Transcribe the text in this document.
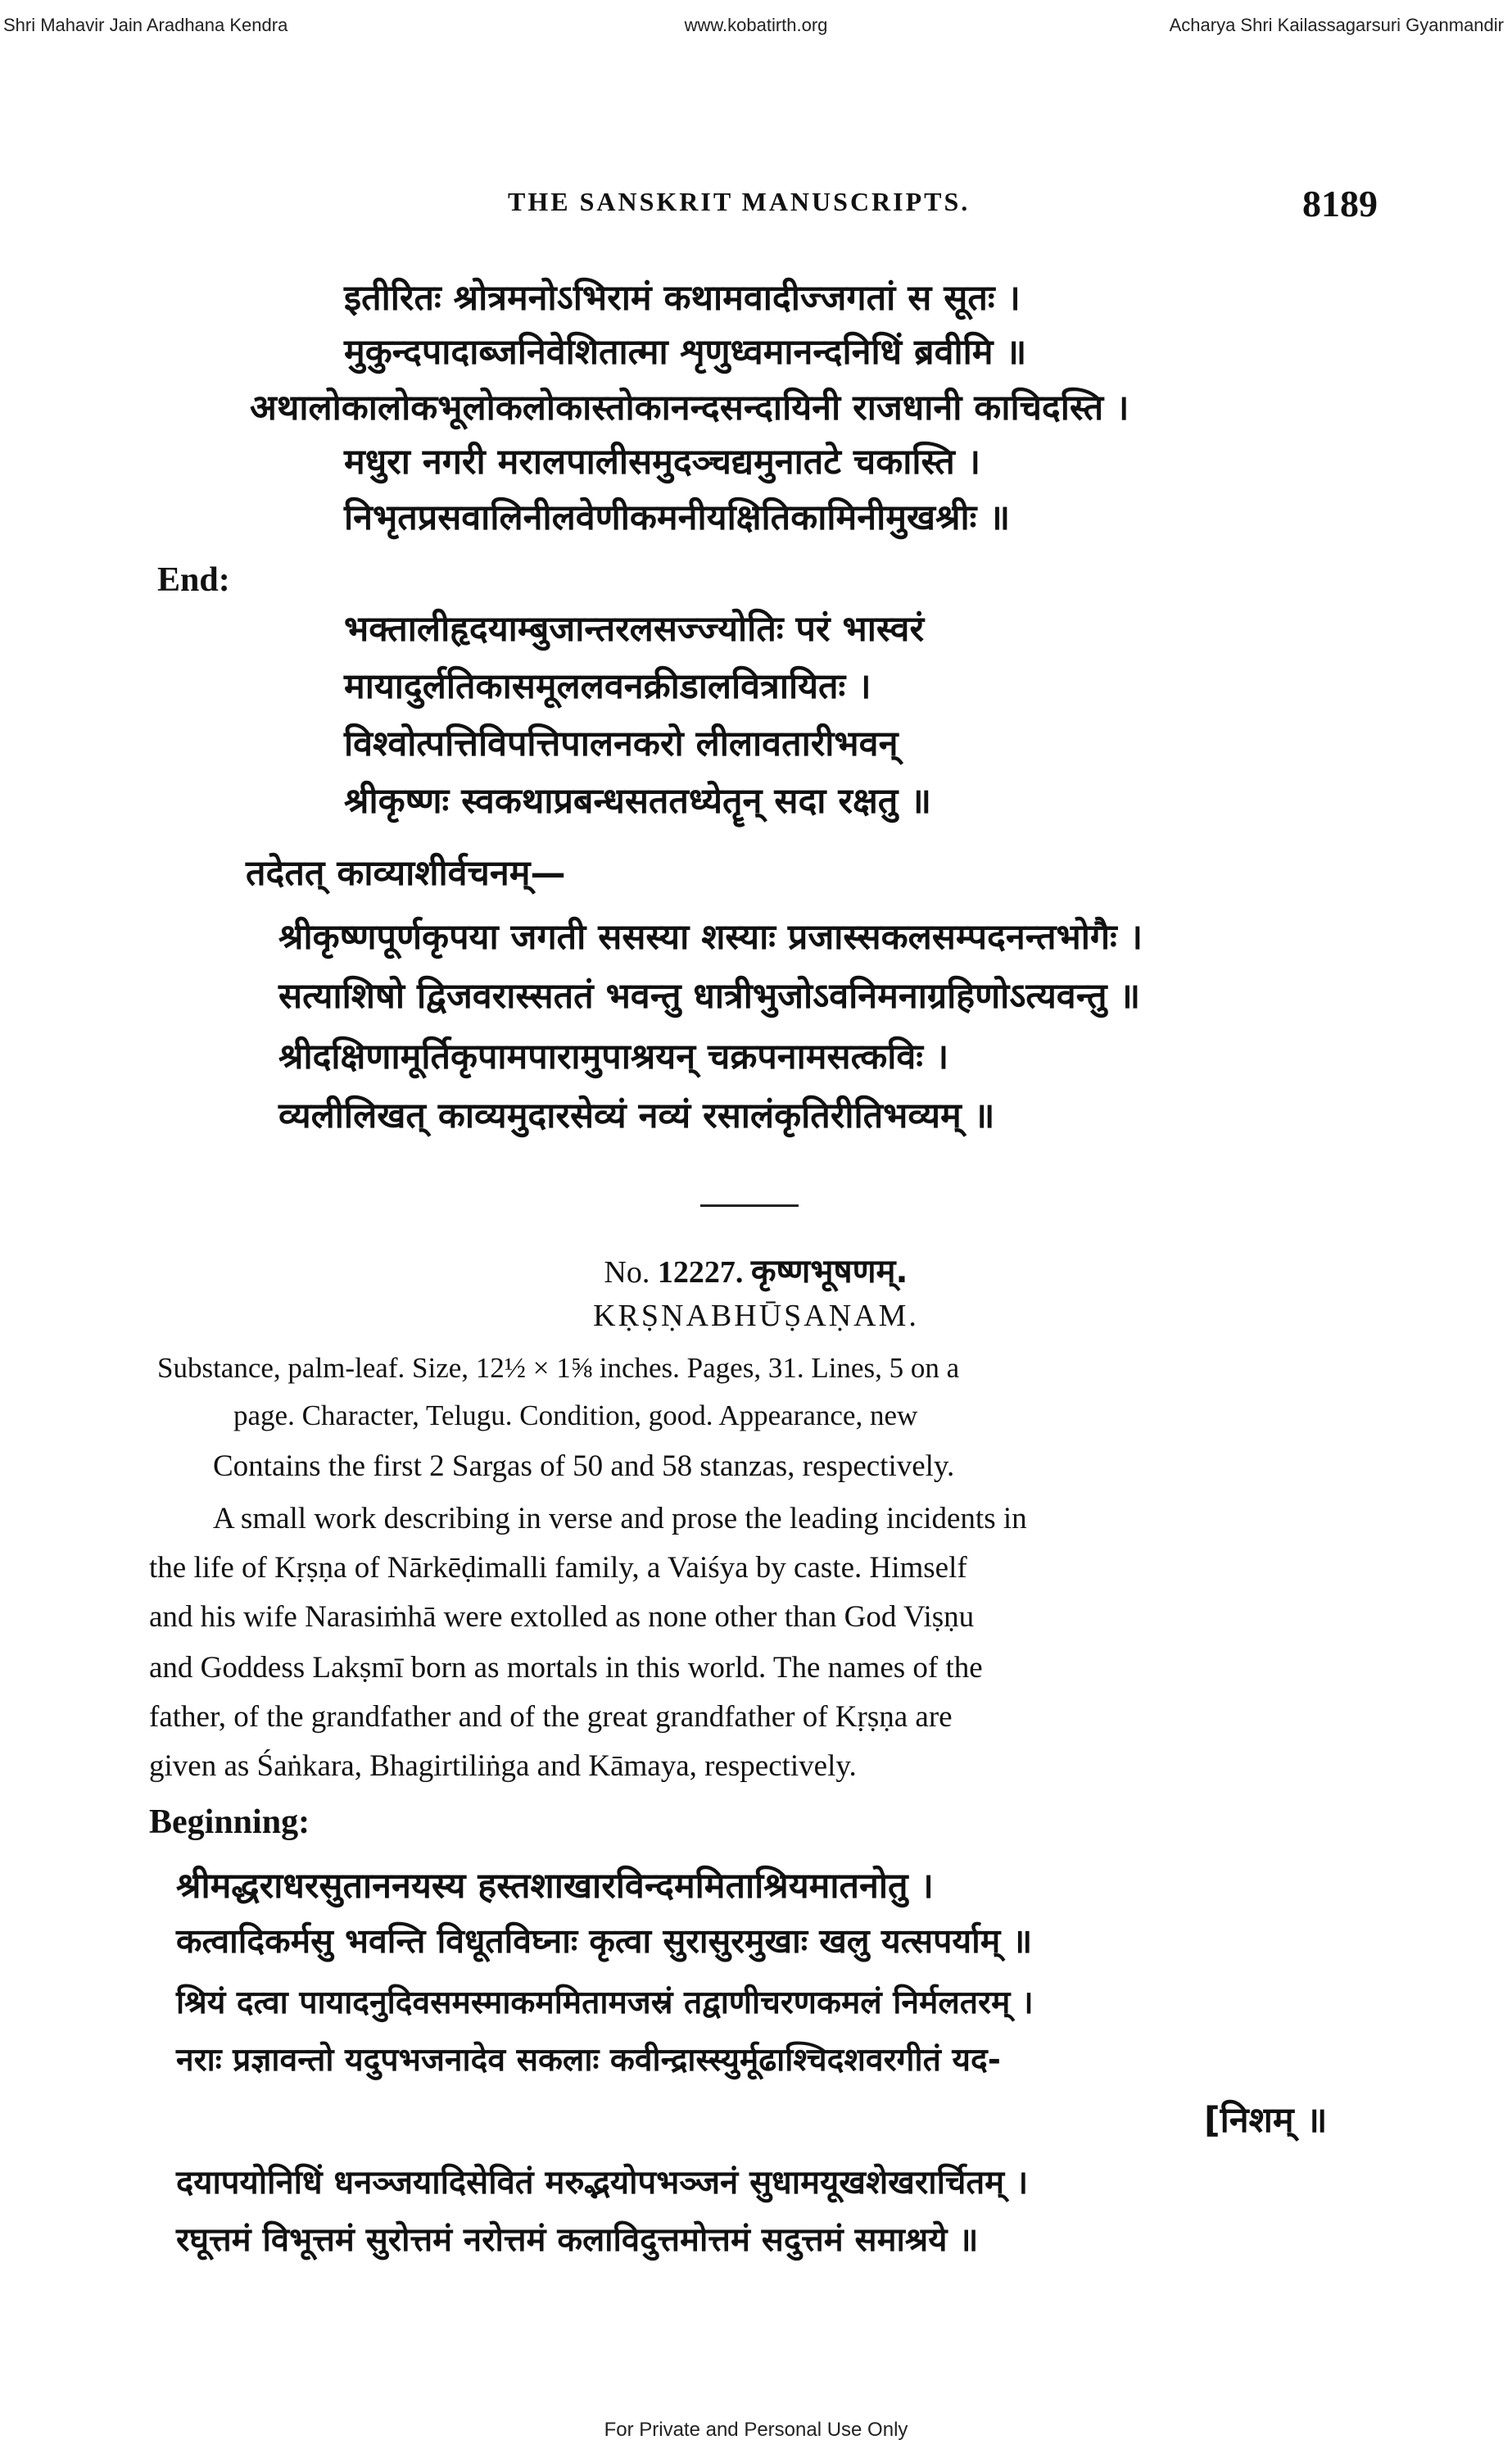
Shri Mahavir Jain Aradhana Kendra	www.kobatirth.org	Acharya Shri Kailassagarsuri Gyanmandir
THE SANSKRIT MANUSCRIPTS.	8189
इतीरितः श्रोत्रमनोऽभिरामं कथामवादीज्जगतां स सूतः ।
मुकुन्दपादाब्जनिवेशितात्मा शृणुध्वमानन्दनिधिं ब्रवीमि ॥
अथालोकालोकभूलोकलोकास्तोकानन्दसन्दायिनी राजधानी काचिदस्ति ।
मधुरा नगरी मरालपालीसमुदञ्चद्यमुनातटे चकास्ति ।
निभृतप्रसवालिनीलवेणीकमनीयक्षितिकामिनीमुखश्रीः ॥
End:
भक्तालीहृदयाम्बुजान्तरलसज्ज्योतिः परं भास्वरं
मायादुर्लतिकासमूललवनक्रीडालवित्रायितः ।
विश्वोत्पत्तिविपत्तिपालनकरो लीलावतारीभवन्
श्रीकृष्णः स्वकथाप्रबन्धसततध्येतॄन् सदा रक्षतु ॥
तदेतत् काव्याशीर्वचनम्—
श्रीकृष्णपूर्णकृपया जगती ससस्या शस्याः प्रजास्सकलसम्पदनन्तभोगैः ।
सत्याशिषो द्विजवरास्सततं भवन्तु धात्रीभुजोऽवनिमनाग्रहिणोऽत्यवन्तु ॥
श्रीदक्षिणामूर्तिकृपामपारामुपाश्रयन् चक्रपनामसत्कविः ।
व्यलीलिखत् काव्यमुदारसेव्यं नव्यं रसालंकृतिरीतिभव्यम् ॥
No. 12227. कृष्णभूषणम्.
KṚṢṆABHŪṢAṆAM.
Substance, palm-leaf. Size, 12½ × 1⅝ inches. Pages, 31. Lines, 5 on a
page. Character, Telugu. Condition, good. Appearance, new
Contains the first 2 Sargas of 50 and 58 stanzas, respectively.
A small work describing in verse and prose the leading incidents in
the life of Kṛṣṇa of Nārkēḍimalli family, a Vaiśya by caste. Himself
and his wife Narasiṁhā were extolled as none other than God Viṣṇu
and Goddess Lakṣmī born as mortals in this world. The names of the
father, of the grandfather and of the great grandfather of Kṛṣṇa are
given as Śaṅkara, Bhagirtiliṅga and Kāmaya, respectively.
Beginning:
श्रीमद्धराधरसुताननयस्य हस्तशाखारविन्दममिताश्रियमातनोतु ।
कत्वादिकर्मसु भवन्ति विधूतविघ्नाः कृत्वा सुरासुरमुखाः खलु यत्सपर्याम् ॥
श्रियं दत्वा पायादनुदिवसमस्माकममितामजस्रं तद्वाणीचरणकमलं निर्मलतरम् ।
नराः प्रज्ञावन्तो यदुपभजनादेव सकलाः कवीन्द्रास्स्युर्मूढाश्चिदशवरगीतं यद-
[निशम् ॥
दयापयोनिधिं धनञ्जयादिसेवितं मरुद्भयोपभञ्जनं सुधामयूखशेखरार्चितम् ।
रघूत्तमं विभूत्तमं सुरोत्तमं नरोत्तमं कलाविदुत्तमोत्तमं सदुत्तमं समाश्रये ॥
For Private and Personal Use Only
